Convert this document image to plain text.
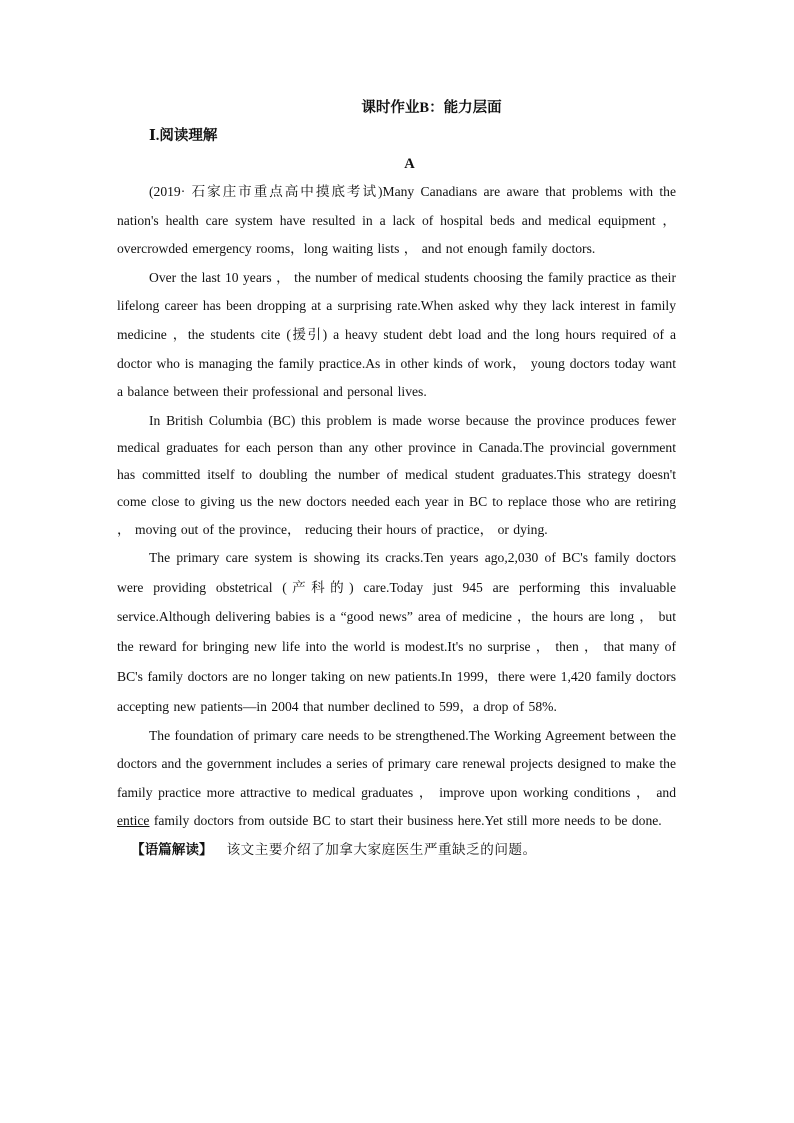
课时作业B：能力层面
Ⅰ.阅读理解
A

(2019· 石家庄市重点高中摸底考试)Many Canadians are aware that problems with the nation's health care system have resulted in a lack of hospital beds and medical equipment ，overcrowded emergency rooms，long waiting lists ， and not enough family doctors.

Over the last 10 years ， the number of medical students choosing the family practice as their lifelong career has been dropping at a surprising rate.When asked why they lack interest in family medicine ，the students cite (援引) a heavy student debt load and the long hours required of a doctor who is managing the family practice.As in other kinds of work， young doctors today want a balance between their professional and personal lives.

In British Columbia (BC) this problem is made worse because the province produces fewer medical graduates for each person than any other province in Canada.The provincial government has committed itself to doubling the number of medical student graduates.This strategy doesn't come close to giving us the new doctors needed each year in BC to replace those who are retiring ， moving out of the province， reducing their hours of practice， or dying.

The primary care system is showing its cracks.Ten years ago,2,030 of BC's family doctors were providing obstetrical (产科的) care.Today just 945 are performing this invaluable service.Although delivering babies is a “good news” area of medicine ，the hours are long ， but the reward for bringing new life into the world is modest.It's no surprise ， then ， that many of BC's family doctors are no longer taking on new patients.In 1999，there were 1,420 family doctors accepting new patients—in 2004 that number declined to 599，a drop of 58%.

The foundation of primary care needs to be strengthened.The Working Agreement between the doctors and the government includes a series of primary care renewal projects designed to make the family practice more attractive to medical graduates ， improve upon working conditions ， and entice family doctors from outside BC to start their business here.Yet still more needs to be done.

【语篇解读】 该文主要介绍了加拿大家庭医生严重缺乏的问题。
